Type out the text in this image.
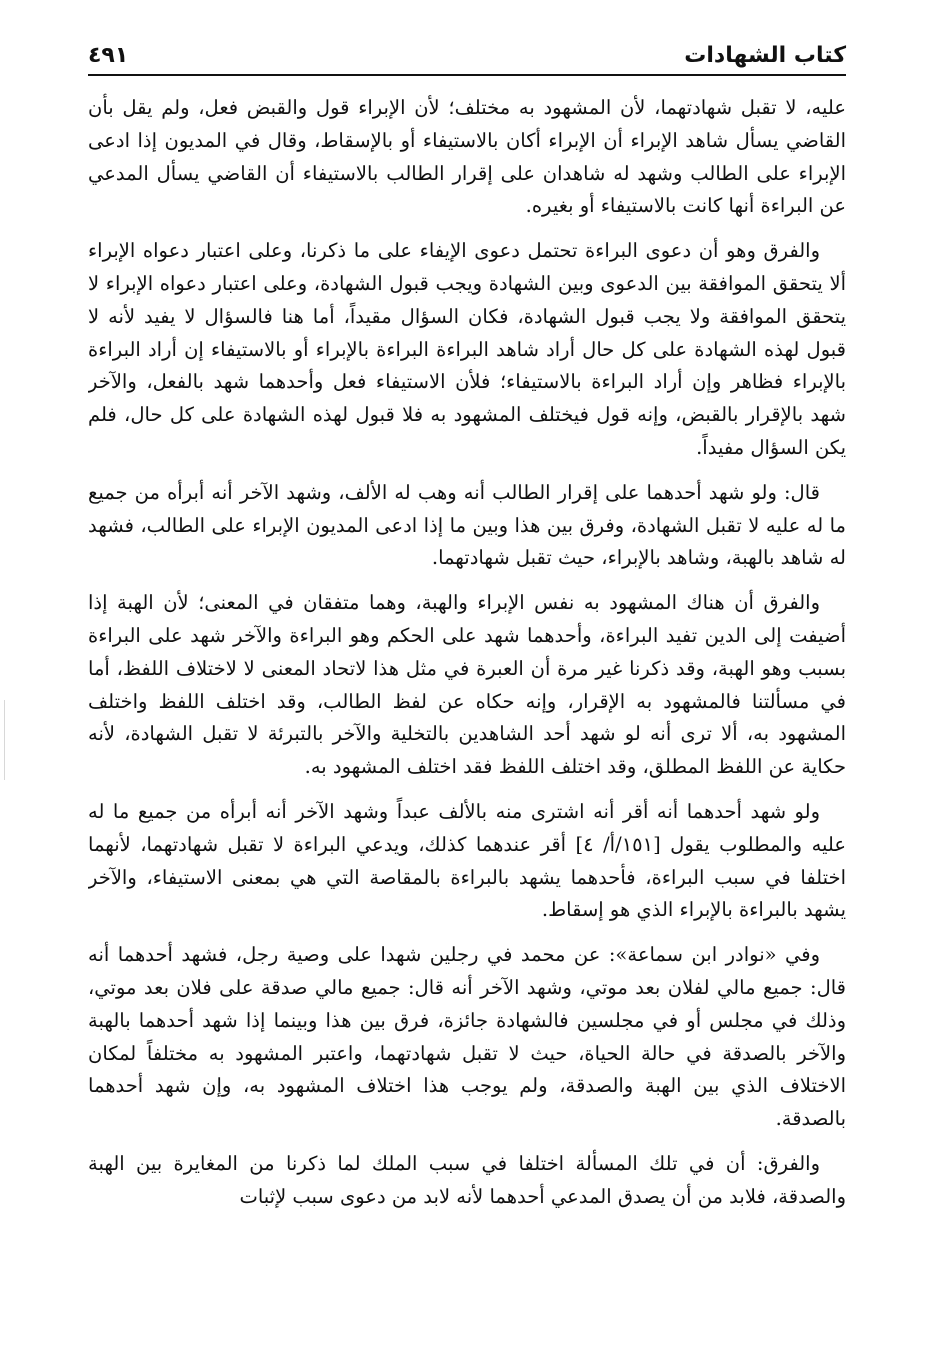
كتاب الشهادات
٤٩١

عليه، لا تقبل شهادتهما، لأن المشهود به مختلف؛ لأن الإبراء قول والقبض فعل، ولم يقل بأن القاضي يسأل شاهد الإبراء أن الإبراء أكان بالاستيفاء أو بالإسقاط، وقال في المديون إذا ادعى الإبراء على الطالب وشهد له شاهدان على إقرار الطالب بالاستيفاء أن القاضي يسأل المدعي عن البراءة أنها كانت بالاستيفاء أو بغيره.

والفرق وهو أن دعوى البراءة تحتمل دعوى الإيفاء على ما ذكرنا، وعلى اعتبار دعواه الإبراء ألا يتحقق الموافقة بين الدعوى وبين الشهادة ويجب قبول الشهادة، وعلى اعتبار دعواه الإبراء لا يتحقق الموافقة ولا يجب قبول الشهادة، فكان السؤال مقيداً، أما هنا فالسؤال لا يفيد لأنه لا قبول لهذه الشهادة على كل حال أراد شاهد البراءة البراءة بالإبراء أو بالاستيفاء إن أراد البراءة بالإبراء فظاهر وإن أراد البراءة بالاستيفاء؛ فلأن الاستيفاء فعل وأحدهما شهد بالفعل، والآخر شهد بالإقرار بالقبض، وإنه قول فيختلف المشهود به فلا قبول لهذه الشهادة على كل حال، فلم يكن السؤال مفيداً.

قال: ولو شهد أحدهما على إقرار الطالب أنه وهب له الألف، وشهد الآخر أنه أبرأه من جميع ما له عليه لا تقبل الشهادة، وفرق بين هذا وبين ما إذا ادعى المديون الإبراء على الطالب، فشهد له شاهد بالهبة، وشاهد بالإبراء، حيث تقبل شهادتهما.

والفرق أن هناك المشهود به نفس الإبراء والهبة، وهما متفقان في المعنى؛ لأن الهبة إذا أضيفت إلى الدين تفيد البراءة، وأحدهما شهد على الحكم وهو البراءة والآخر شهد على البراءة بسبب وهو الهبة، وقد ذكرنا غير مرة أن العبرة في مثل هذا لاتحاد المعنى لا لاختلاف اللفظ، أما في مسألتنا فالمشهود به الإقرار، وإنه حكاه عن لفظ الطالب، وقد اختلف اللفظ واختلف المشهود به، ألا ترى أنه لو شهد أحد الشاهدين بالتخلية والآخر بالتبرئة لا تقبل الشهادة، لأنه حكاية عن اللفظ المطلق، وقد اختلف اللفظ فقد اختلف المشهود به.

ولو شهد أحدهما أنه أقر أنه اشترى منه بالألف عبداً وشهد الآخر أنه أبرأه من جميع ما له عليه والمطلوب يقول [١٥١/أ/ ٤] أقر عندهما كذلك، ويدعي البراءة لا تقبل شهادتهما، لأنهما اختلفا في سبب البراءة، فأحدهما يشهد بالبراءة بالمقاصة التي هي بمعنى الاستيفاء، والآخر يشهد بالبراءة بالإبراء الذي هو إسقاط.

وفي «نوادر ابن سماعة»: عن محمد في رجلين شهدا على وصية رجل، فشهد أحدهما أنه قال: جميع مالي لفلان بعد موتي، وشهد الآخر أنه قال: جميع مالي صدقة على فلان بعد موتي، وذلك في مجلس أو في مجلسين فالشهادة جائزة، فرق بين هذا وبينما إذا شهد أحدهما بالهبة والآخر بالصدقة في حالة الحياة، حيث لا تقبل شهادتهما، واعتبر المشهود به مختلفاً لمكان الاختلاف الذي بين الهبة والصدقة، ولم يوجب هذا اختلاف المشهود به، وإن شهد أحدهما بالصدقة.

والفرق: أن في تلك المسألة اختلفا في سبب الملك لما ذكرنا من المغايرة بين الهبة والصدقة، فلابد من أن يصدق المدعي أحدهما لأنه لابد من دعوى سبب لإثبات
